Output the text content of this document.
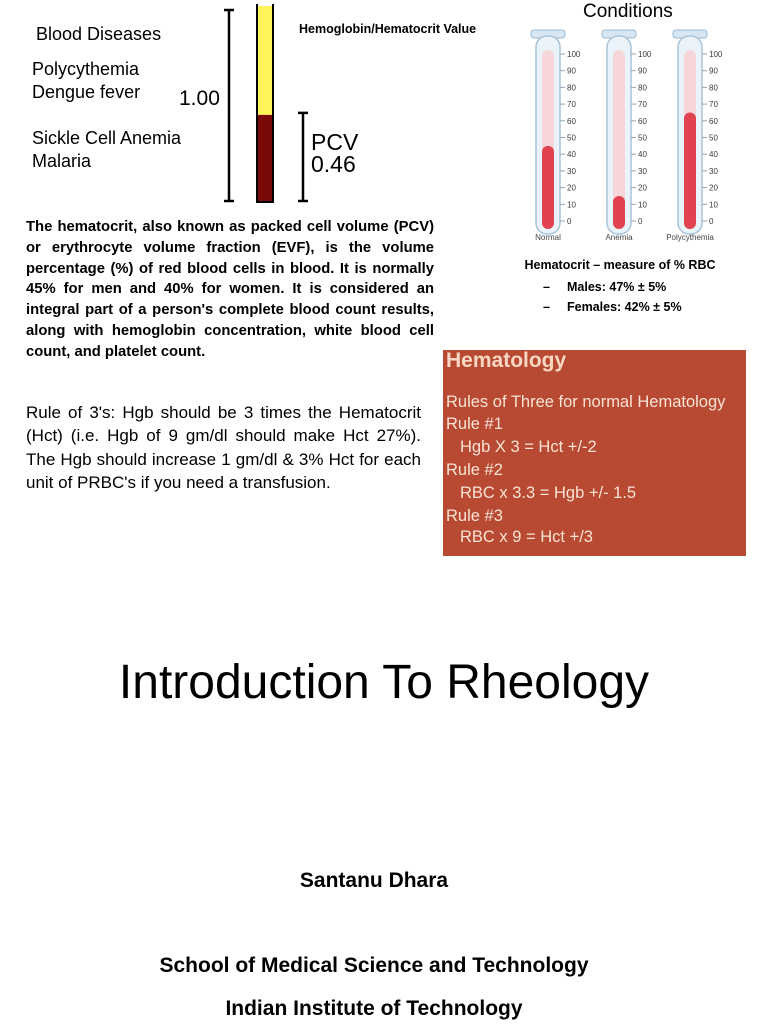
Blood Diseases
Polycythemia
Dengue fever
Sickle Cell Anemia
Malaria
1.00
PCV
0.46
Hemoglobin/Hematocrit Value
Conditions
100
90
80
70
60
50
40
30
20
10
0
Normal
100
90
80
70
60
50
40
30
20
10
0
Anemia
100
90
80
70
60
50
40
30
20
10
0
Polycythemia

The hematocrit, also known as packed cell volume (PCV) or erythrocyte volume fraction (EVF), is the volume percentage (%) of red blood cells in blood. It is normally 45% for men and 40% for women. It is considered an integral part of a person's complete blood count results, along with hemoglobin concentration, white blood cell count, and platelet count.

Rule of 3's: Hgb should be 3 times the Hematocrit (Hct) (i.e. Hgb of 9 gm/dl should make Hct 27%). The Hgb should increase 1 gm/dl & 3% Hct for each unit of PRBC's if you need a transfusion.

Hematocrit – measure of % RBC
– Males: 47% ± 5%
– Females: 42% ± 5%
Hematology
Rules of Three for normal Hematology
Rule #1
Hgb X 3 = Hct +/-2
Rule #2
RBC x 3.3 = Hgb +/- 1.5
Rule #3
RBC x 9 = Hct +/3
Introduction To Rheology
Santanu Dhara
School of Medical Science and Technology
Indian Institute of Technology
